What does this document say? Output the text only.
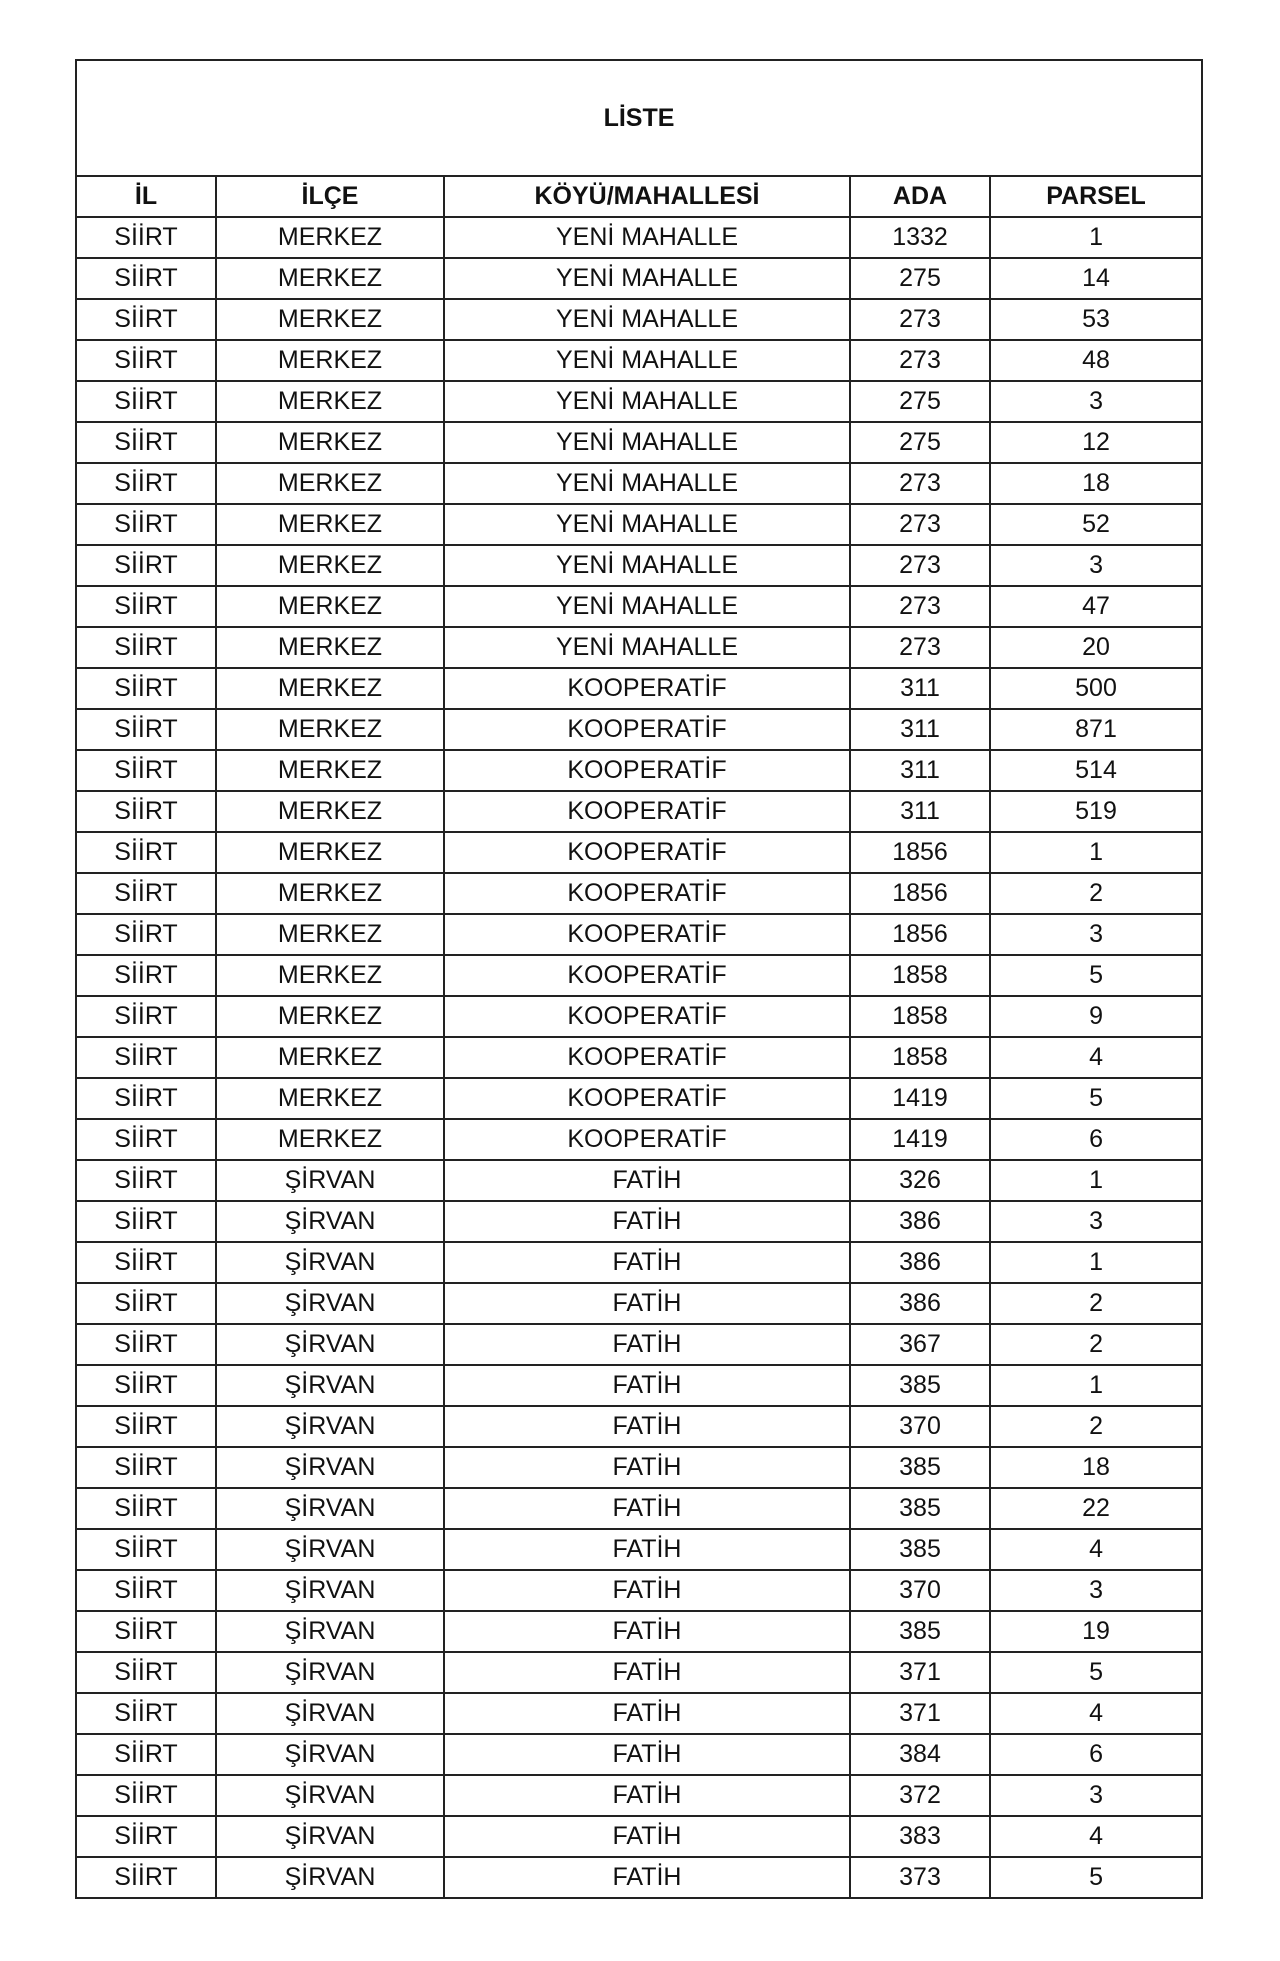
LİSTE				
İL	İLÇE	KÖYÜ/MAHALLESİ	ADA	PARSEL
SİİRT	MERKEZ	YENİ MAHALLE	1332	1
SİİRT	MERKEZ	YENİ MAHALLE	275	14
SİİRT	MERKEZ	YENİ MAHALLE	273	53
SİİRT	MERKEZ	YENİ MAHALLE	273	48
SİİRT	MERKEZ	YENİ MAHALLE	275	3
SİİRT	MERKEZ	YENİ MAHALLE	275	12
SİİRT	MERKEZ	YENİ MAHALLE	273	18
SİİRT	MERKEZ	YENİ MAHALLE	273	52
SİİRT	MERKEZ	YENİ MAHALLE	273	3
SİİRT	MERKEZ	YENİ MAHALLE	273	47
SİİRT	MERKEZ	YENİ MAHALLE	273	20
SİİRT	MERKEZ	KOOPERATİF	311	500
SİİRT	MERKEZ	KOOPERATİF	311	871
SİİRT	MERKEZ	KOOPERATİF	311	514
SİİRT	MERKEZ	KOOPERATİF	311	519
SİİRT	MERKEZ	KOOPERATİF	1856	1
SİİRT	MERKEZ	KOOPERATİF	1856	2
SİİRT	MERKEZ	KOOPERATİF	1856	3
SİİRT	MERKEZ	KOOPERATİF	1858	5
SİİRT	MERKEZ	KOOPERATİF	1858	9
SİİRT	MERKEZ	KOOPERATİF	1858	4
SİİRT	MERKEZ	KOOPERATİF	1419	5
SİİRT	MERKEZ	KOOPERATİF	1419	6
SİİRT	ŞİRVAN	FATİH	326	1
SİİRT	ŞİRVAN	FATİH	386	3
SİİRT	ŞİRVAN	FATİH	386	1
SİİRT	ŞİRVAN	FATİH	386	2
SİİRT	ŞİRVAN	FATİH	367	2
SİİRT	ŞİRVAN	FATİH	385	1
SİİRT	ŞİRVAN	FATİH	370	2
SİİRT	ŞİRVAN	FATİH	385	18
SİİRT	ŞİRVAN	FATİH	385	22
SİİRT	ŞİRVAN	FATİH	385	4
SİİRT	ŞİRVAN	FATİH	370	3
SİİRT	ŞİRVAN	FATİH	385	19
SİİRT	ŞİRVAN	FATİH	371	5
SİİRT	ŞİRVAN	FATİH	371	4
SİİRT	ŞİRVAN	FATİH	384	6
SİİRT	ŞİRVAN	FATİH	372	3
SİİRT	ŞİRVAN	FATİH	383	4
SİİRT	ŞİRVAN	FATİH	373	5
